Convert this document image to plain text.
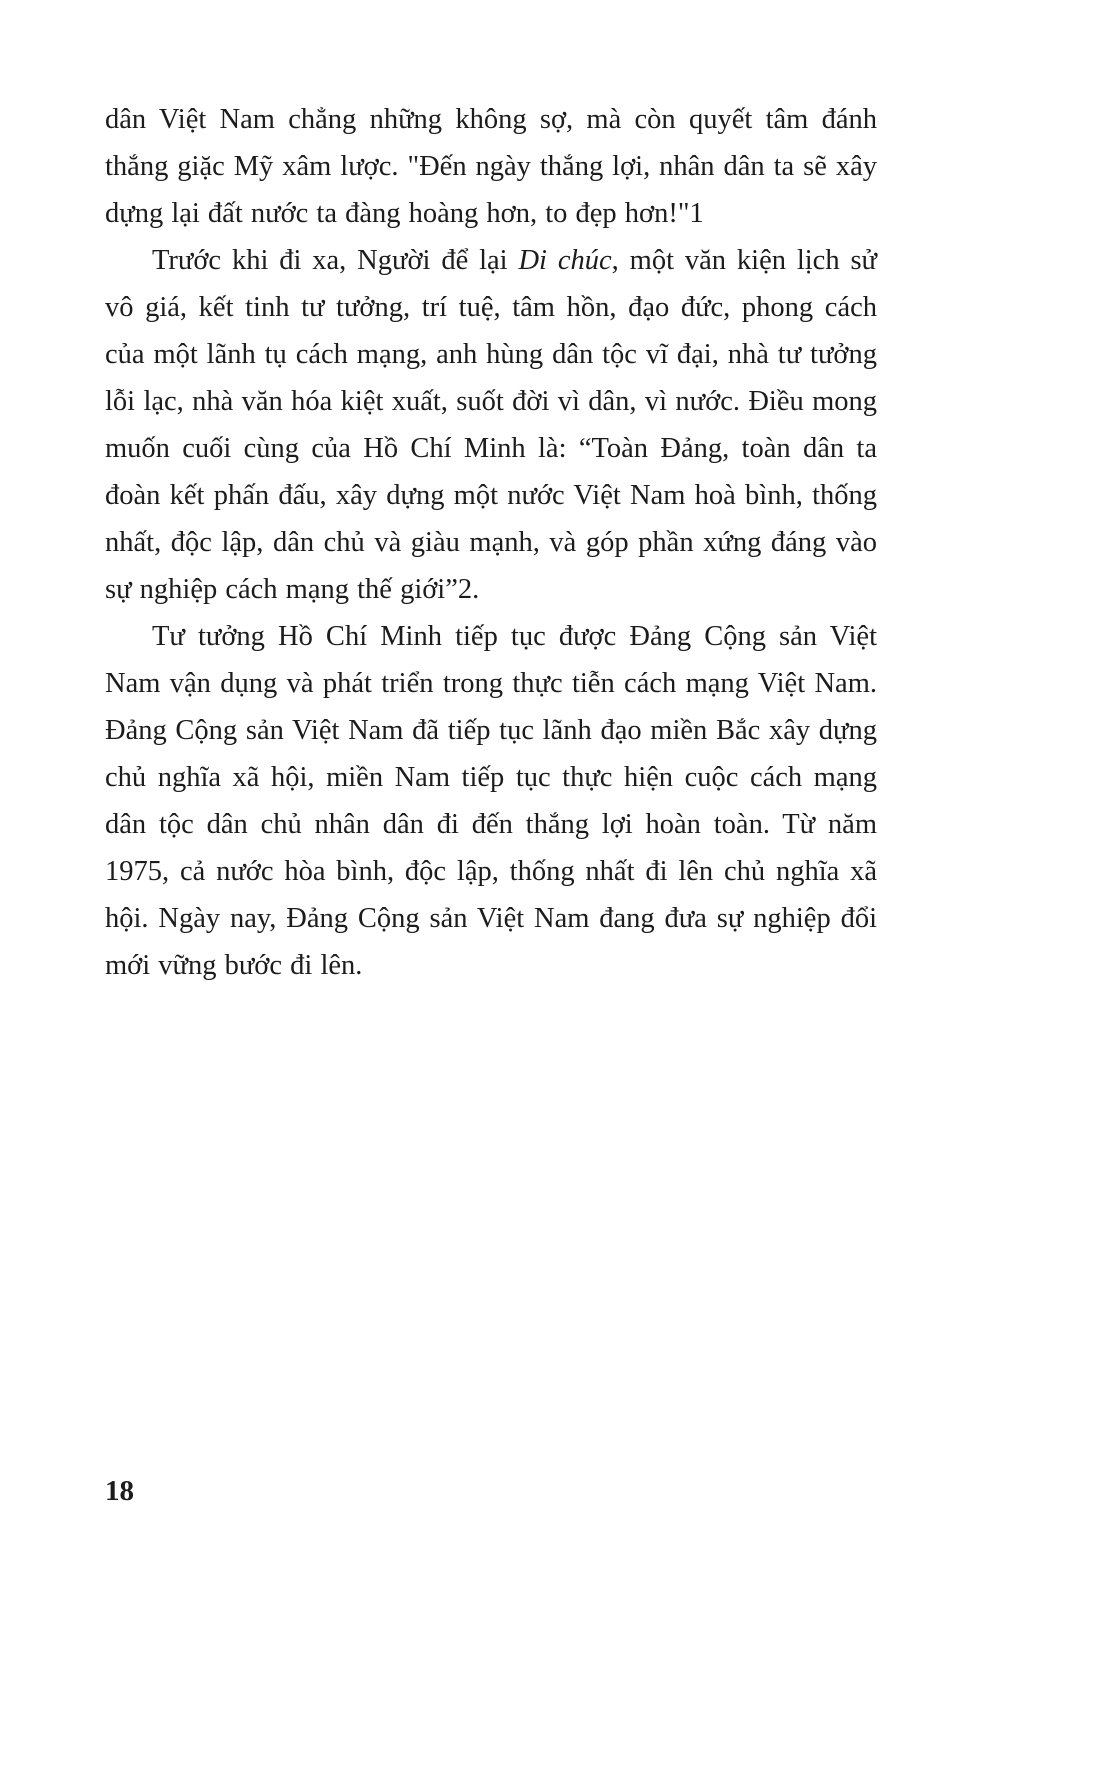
dân Việt Nam chẳng những không sợ, mà còn quyết tâm đánh thắng giặc Mỹ xâm lược. "Đến ngày thắng lợi, nhân dân ta sẽ xây dựng lại đất nước ta đàng hoàng hơn, to đẹp hơn!"1

Trước khi đi xa, Người để lại Di chúc, một văn kiện lịch sử vô giá, kết tinh tư tưởng, trí tuệ, tâm hồn, đạo đức, phong cách của một lãnh tụ cách mạng, anh hùng dân tộc vĩ đại, nhà tư tưởng lỗi lạc, nhà văn hóa kiệt xuất, suốt đời vì dân, vì nước. Điều mong muốn cuối cùng của Hồ Chí Minh là: “Toàn Đảng, toàn dân ta đoàn kết phấn đấu, xây dựng một nước Việt Nam hoà bình, thống nhất, độc lập, dân chủ và giàu mạnh, và góp phần xứng đáng vào sự nghiệp cách mạng thế giới”2.

Tư tưởng Hồ Chí Minh tiếp tục được Đảng Cộng sản Việt Nam vận dụng và phát triển trong thực tiễn cách mạng Việt Nam. Đảng Cộng sản Việt Nam đã tiếp tục lãnh đạo miền Bắc xây dựng chủ nghĩa xã hội, miền Nam tiếp tục thực hiện cuộc cách mạng dân tộc dân chủ nhân dân đi đến thắng lợi hoàn toàn. Từ năm 1975, cả nước hòa bình, độc lập, thống nhất đi lên chủ nghĩa xã hội. Ngày nay, Đảng Cộng sản Việt Nam đang đưa sự nghiệp đổi mới vững bước đi lên.

18
